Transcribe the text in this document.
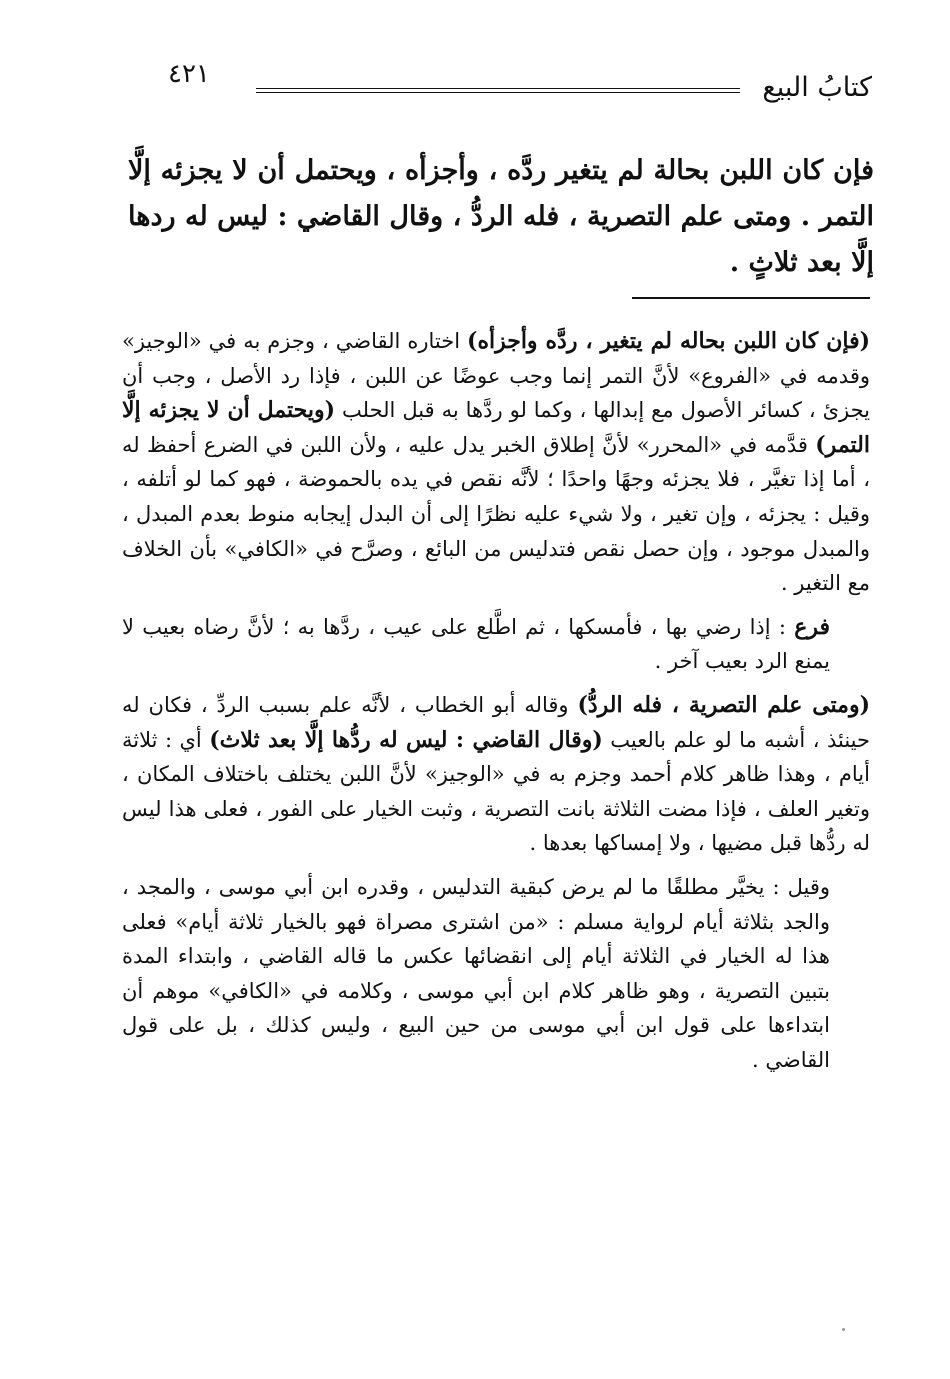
كتابُ البيع
٤٢١

فإن كان اللبن بحالة لم يتغير ردَّه ، وأجزأه ، ويحتمل أن لا يجزئه إلَّا التمر . ومتى علم التصرية ، فله الردُّ ، وقال القاضي : ليس له ردها إلَّا بعد ثلاثٍ .

(فإن كان اللبن بحاله لم يتغير ، ردَّه وأجزأه) اختاره القاضي ، وجزم به في «الوجيز» وقدمه في «الفروع» لأنَّ التمر إنما وجب عوضًا عن اللبن ، فإذا رد الأصل ، وجب أن يجزئ ، كسائر الأصول مع إبدالها ، وكما لو ردَّها به قبل الحلب (ويحتمل أن لا يجزئه إلَّا التمر) قدَّمه في «المحرر» لأنَّ إطلاق الخبر يدل عليه ، ولأن اللبن في الضرع أحفظ له ، أما إذا تغيَّر ، فلا يجزئه وجهًا واحدًا ؛ لأنَّه نقص في يده بالحموضة ، فهو كما لو أتلفه ، وقيل : يجزئه ، وإن تغير ، ولا شيء عليه نظرًا إلى أن البدل إيجابه منوط بعدم المبدل ، والمبدل موجود ، وإن حصل نقص فتدليس من البائع ، وصرَّح في «الكافي» بأن الخلاف مع التغير .

فرع : إذا رضي بها ، فأمسكها ، ثم اطَّلع على عيب ، ردَّها به ؛ لأنَّ رضاه بعيب لا يمنع الرد بعيب آخر .

(ومتى علم التصرية ، فله الردُّ) وقاله أبو الخطاب ، لأنَّه علم بسبب الردِّ ، فكان له حينئذ ، أشبه ما لو علم بالعيب (وقال القاضي : ليس له ردُّها إلَّا بعد ثلاث) أي : ثلاثة أيام ، وهذا ظاهر كلام أحمد وجزم به في «الوجيز» لأنَّ اللبن يختلف باختلاف المكان ، وتغير العلف ، فإذا مضت الثلاثة بانت التصرية ، وثبت الخيار على الفور ، فعلى هذا ليس له ردُّها قبل مضيها ، ولا إمساكها بعدها .

وقيل : يخيَّر مطلقًا ما لم يرض كبقية التدليس ، وقدره ابن أبي موسى ، والمجد ، والجد بثلاثة أيام لرواية مسلم : «من اشترى مصراة فهو بالخيار ثلاثة أيام» فعلى هذا له الخيار في الثلاثة أيام إلى انقضائها عكس ما قاله القاضي ، وابتداء المدة بتبين التصرية ، وهو ظاهر كلام ابن أبي موسى ، وكلامه في «الكافي» موهم أن ابتداءها على قول ابن أبي موسى من حين البيع ، وليس كذلك ، بل على قول القاضي .
